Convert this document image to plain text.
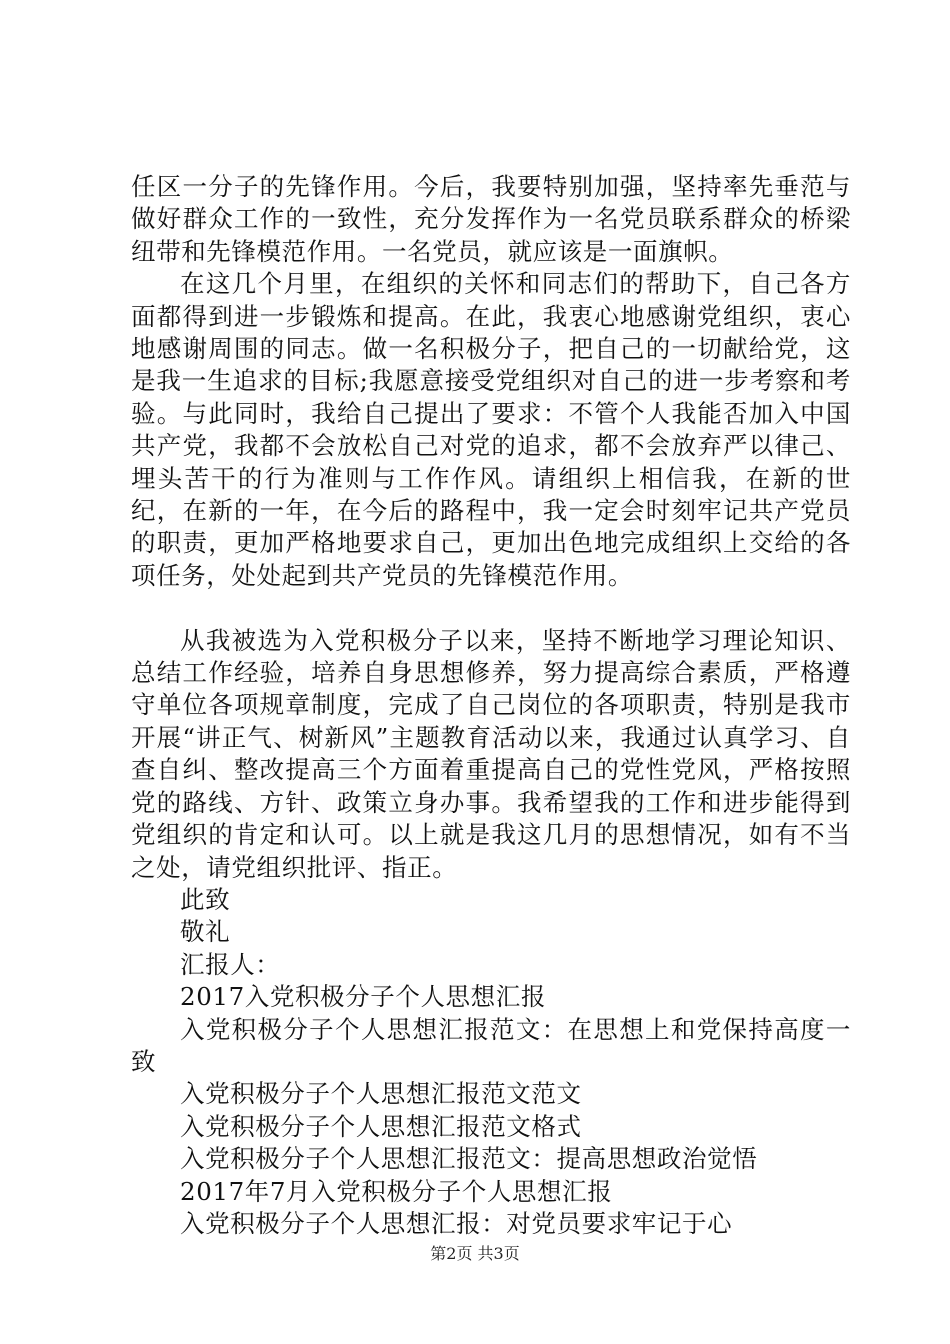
任区一分子的先锋作用。今后，我要特别加强，坚持率先垂范与做好群众工作的一致性，充分发挥作为一名党员联系群众的桥梁纽带和先锋模范作用。一名党员，就应该是一面旗帜。

在这几个月里，在组织的关怀和同志们的帮助下，自己各方面都得到进一步锻炼和提高。在此，我衷心地感谢党组织，衷心地感谢周围的同志。做一名积极分子，把自己的一切献给党，这是我一生追求的目标;我愿意接受党组织对自己的进一步考察和考验。与此同时，我给自己提出了要求：不管个人我能否加入中国共产党，我都不会放松自己对党的追求，都不会放弃严以律己、埋头苦干的行为准则与工作作风。请组织上相信我，在新的世纪，在新的一年，在今后的路程中，我一定会时刻牢记共产党员的职责，更加严格地要求自己，更加出色地完成组织上交给的各项任务，处处起到共产党员的先锋模范作用。

从我被选为入党积极分子以来，坚持不断地学习理论知识、总结工作经验，培养自身思想修养，努力提高综合素质，严格遵守单位各项规章制度，完成了自己岗位的各项职责，特别是我市开展“讲正气、树新风”主题教育活动以来，我通过认真学习、自查自纠、整改提高三个方面着重提高自己的党性党风，严格按照党的路线、方针、政策立身办事。我希望我的工作和进步能得到党组织的肯定和认可。以上就是我这几月的思想情况，如有不当之处，请党组织批评、指正。

此致
敬礼
汇报人：
2017入党积极分子个人思想汇报

入党积极分子个人思想汇报范文：在思想上和党保持高度一致

入党积极分子个人思想汇报范文范文
入党积极分子个人思想汇报范文格式
入党积极分子个人思想汇报范文：提高思想政治觉悟
2017年7月入党积极分子个人思想汇报
入党积极分子个人思想汇报：对党员要求牢记于心
第2页 共3页
